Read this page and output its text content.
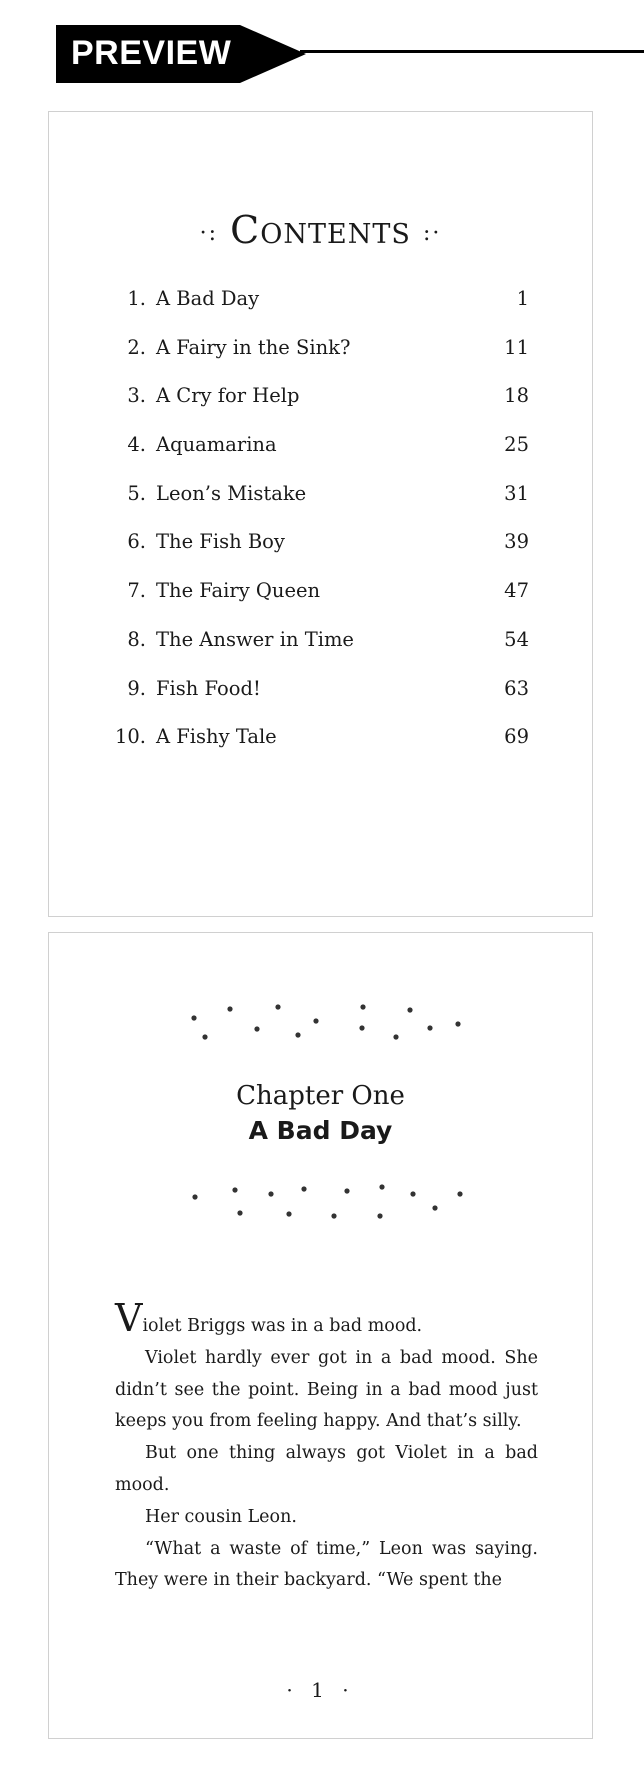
PREVIEW
·: Contents :·
1. A Bad Day	1
2. A Fairy in the Sink?	11
3. A Cry for Help	18
4. Aquamarina	25
5. Leon’s Mistake	31
6. The Fish Boy	39
7. The Fairy Queen	47
8. The Answer in Time	54
9. Fish Food!	63
10. A Fishy Tale	69
Chapter One
A Bad Day

Violet Briggs was in a bad mood.

Violet hardly ever got in a bad mood. She didn’t see the point. Being in a bad mood just keeps you from feeling happy. And that’s silly.

But one thing always got Violet in a bad mood.

Her cousin Leon.

“What a waste of time,” Leon was saying. They were in their backyard. “We spent the

· 1 ·
